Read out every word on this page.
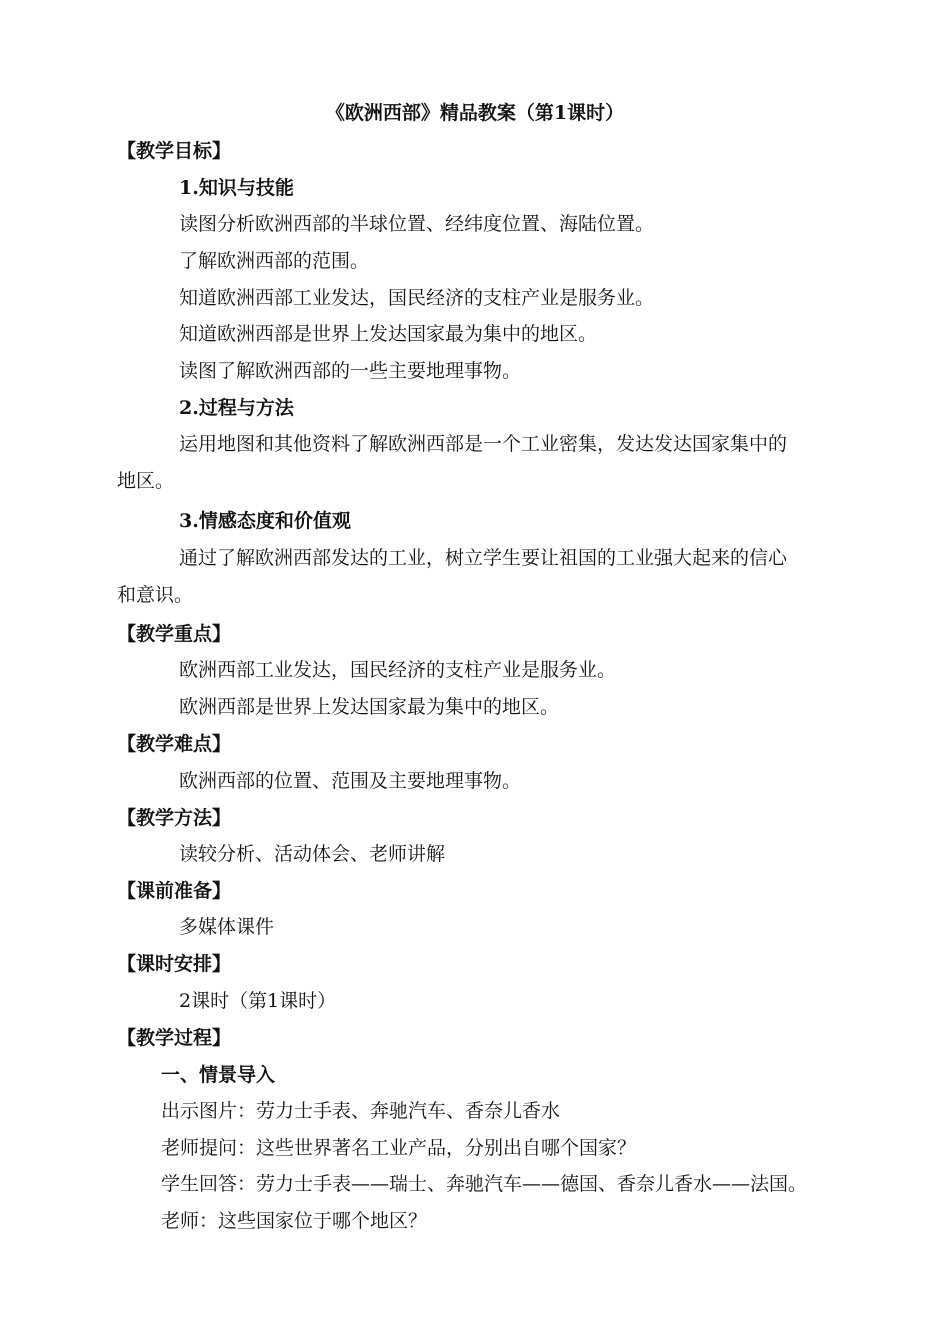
《欧洲西部》精品教案（第1课时）
【教学目标】
1.知识与技能
读图分析欧洲西部的半球位置、经纬度位置、海陆位置。
了解欧洲西部的范围。
知道欧洲西部工业发达，国民经济的支柱产业是服务业。
知道欧洲西部是世界上发达国家最为集中的地区。
读图了解欧洲西部的一些主要地理事物。
2.过程与方法
运用地图和其他资料了解欧洲西部是一个工业密集，发达发达国家集中的
地区。
3.情感态度和价值观
通过了解欧洲西部发达的工业，树立学生要让祖国的工业强大起来的信心
和意识。
【教学重点】
欧洲西部工业发达，国民经济的支柱产业是服务业。
欧洲西部是世界上发达国家最为集中的地区。
【教学难点】
欧洲西部的位置、范围及主要地理事物。
【教学方法】
读较分析、活动体会、老师讲解
【课前准备】
多媒体课件
【课时安排】
2课时（第1课时）
【教学过程】
一、情景导入
出示图片：劳力士手表、奔驰汽车、香奈儿香水
老师提问：这些世界著名工业产品，分别出自哪个国家？
学生回答：劳力士手表——瑞士、奔驰汽车——德国、香奈儿香水——法国。
老师：这些国家位于哪个地区？
